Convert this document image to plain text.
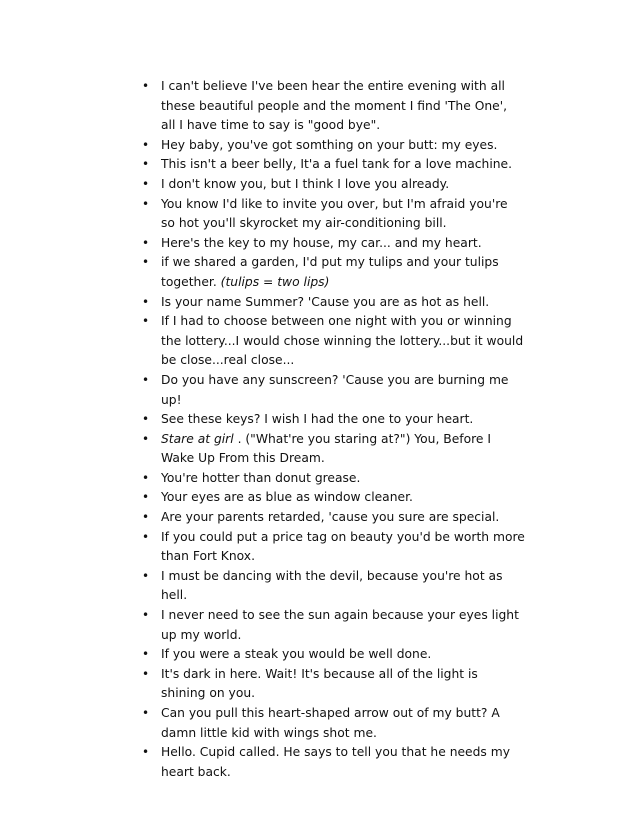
• I can't believe I've been hear the entire evening with all these beautiful people and the moment I find 'The One', all I have time to say is "good bye".
• Hey baby, you've got somthing on your butt: my eyes.
• This isn't a beer belly, It'a a fuel tank for a love machine.
• I don't know you, but I think I love you already.
• You know I'd like to invite you over, but I'm afraid you're so hot you'll skyrocket my air-conditioning bill.
• Here's the key to my house, my car... and my heart.
• if we shared a garden, I'd put my tulips and your tulips together. (tulips = two lips)
• Is your name Summer? 'Cause you are as hot as hell.
• If I had to choose between one night with you or winning the lottery...I would chose winning the lottery...but it would be close...real close...
• Do you have any sunscreen? 'Cause you are burning me up!
• See these keys? I wish I had the one to your heart.
• Stare at girl . ("What're you staring at?") You, Before I Wake Up From this Dream.
• You're hotter than donut grease.
• Your eyes are as blue as window cleaner.
• Are your parents retarded, 'cause you sure are special.
• If you could put a price tag on beauty you'd be worth more than Fort Knox.
• I must be dancing with the devil, because you're hot as hell.
• I never need to see the sun again because your eyes light up my world.
• If you were a steak you would be well done.
• It's dark in here. Wait! It's because all of the light is shining on you.
• Can you pull this heart-shaped arrow out of my butt? A damn little kid with wings shot me.
• Hello. Cupid called. He says to tell you that he needs my heart back.
